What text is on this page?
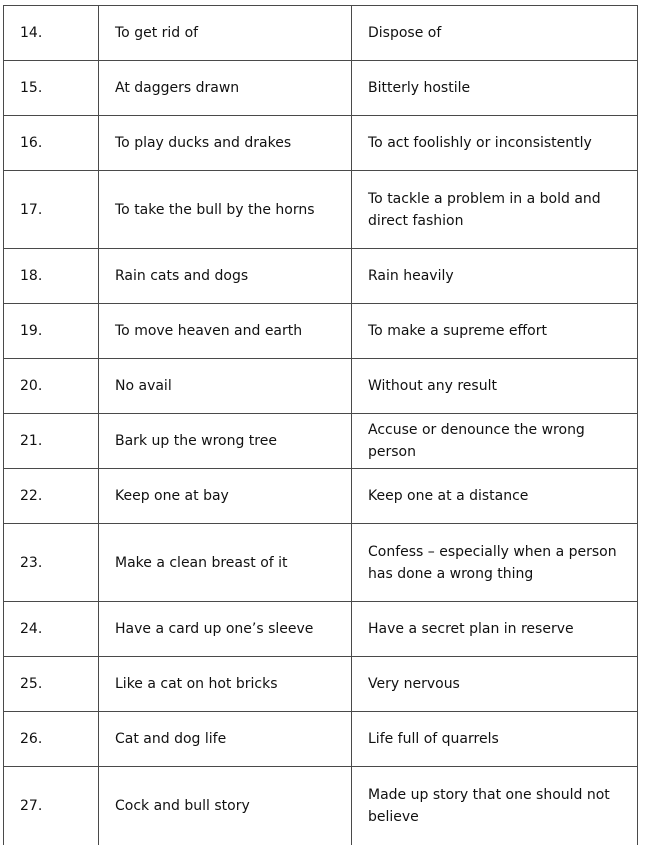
14.	To get rid of	Dispose of
15.	At daggers drawn	Bitterly hostile
16.	To play ducks and drakes	To act foolishly or inconsistently
17.	To take the bull by the horns	To tackle a problem in a bold and direct fashion
18.	Rain cats and dogs	Rain heavily
19.	To move heaven and earth	To make a supreme effort
20.	No avail	Without any result
21.	Bark up the wrong tree	Accuse or denounce the wrong person
22.	Keep one at bay	Keep one at a distance
23.	Make a clean breast of it	Confess – especially when a person has done a wrong thing
24.	Have a card up one’s sleeve	Have a secret plan in reserve
25.	Like a cat on hot bricks	Very nervous
26.	Cat and dog life	Life full of quarrels
27.	Cock and bull story	Made up story that one should not believe
